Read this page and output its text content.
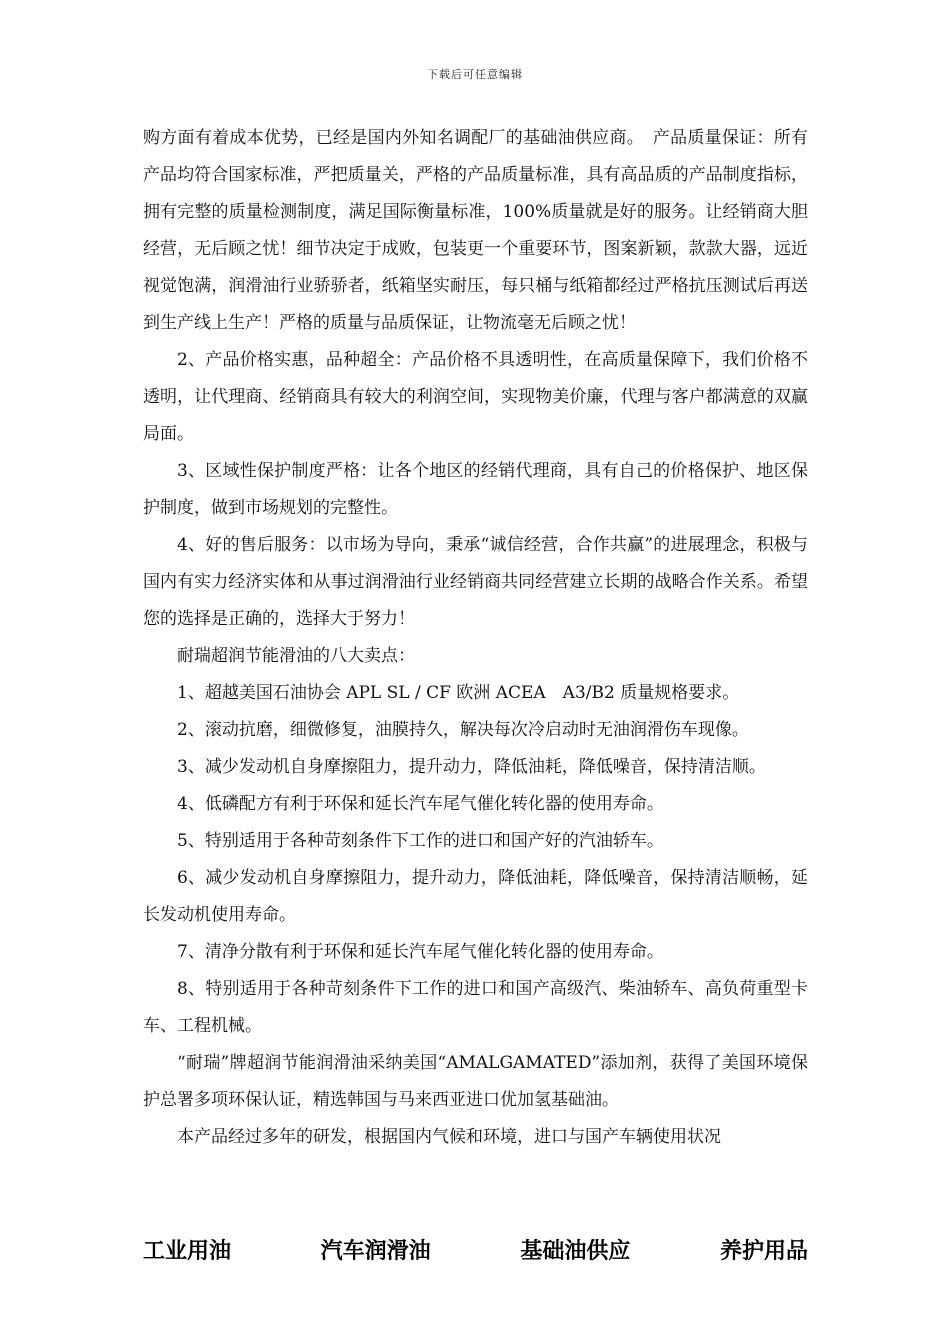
下载后可任意编辑

购方面有着成本优势，已经是国内外知名调配厂的基础油供应商。　产品质量保证：所有产品均符合国家标准，严把质量关，严格的产品质量标准，具有高品质的产品制度指标，拥有完整的质量检测制度，满足国际衡量标准，100%质量就是好的服务。让经销商大胆经营，无后顾之忧！细节决定于成败，包装更一个重要环节，图案新颖，款款大器，远近视觉饱满，润滑油行业骄骄者，纸箱坚实耐压，每只桶与纸箱都经过严格抗压测试后再送到生产线上生产！严格的质量与品质保证，让物流毫无后顾之忧！

2、产品价格实惠，品种超全：产品价格不具透明性，在高质量保障下，我们价格不透明，让代理商、经销商具有较大的利润空间，实现物美价廉，代理与客户都满意的双赢局面。

3、区域性保护制度严格：让各个地区的经销代理商，具有自己的价格保护、地区保护制度，做到市场规划的完整性。

4、好的售后服务：以市场为导向，秉承“诚信经营，合作共赢”的进展理念，积极与国内有实力经济实体和从事过润滑油行业经销商共同经营建立长期的战略合作关系。希望您的选择是正确的，选择大于努力！

耐瑞超润节能滑油的八大卖点：

1、超越美国石油协会 APL SL / CF 欧洲 ACEA　A3/B2 质量规格要求。

2、滚动抗磨，细微修复，油膜持久，解决每次冷启动时无油润滑伤车现像。

3、减少发动机自身摩擦阻力，提升动力，降低油耗，降低噪音，保持清洁顺。

4、低磷配方有利于环保和延长汽车尾气催化转化器的使用寿命。

5、特别适用于各种苛刻条件下工作的进口和国产好的汽油轿车。

6、减少发动机自身摩擦阻力，提升动力，降低油耗，降低噪音，保持清洁顺畅，延长发动机使用寿命。

7、清净分散有利于环保和延长汽车尾气催化转化器的使用寿命。

8、特别适用于各种苛刻条件下工作的进口和国产高级汽、柴油轿车、高负荷重型卡车、工程机械。

“耐瑞”牌超润节能润滑油采纳美国“AMALGAMATED”添加剂，获得了美国环境保护总署多项环保认证，精选韩国与马来西亚进口优加氢基础油。

本产品经过多年的研发，根据国内气候和环境，进口与国产车辆使用状况

工业用油	汽车润滑油	基础油供应	养护用品
